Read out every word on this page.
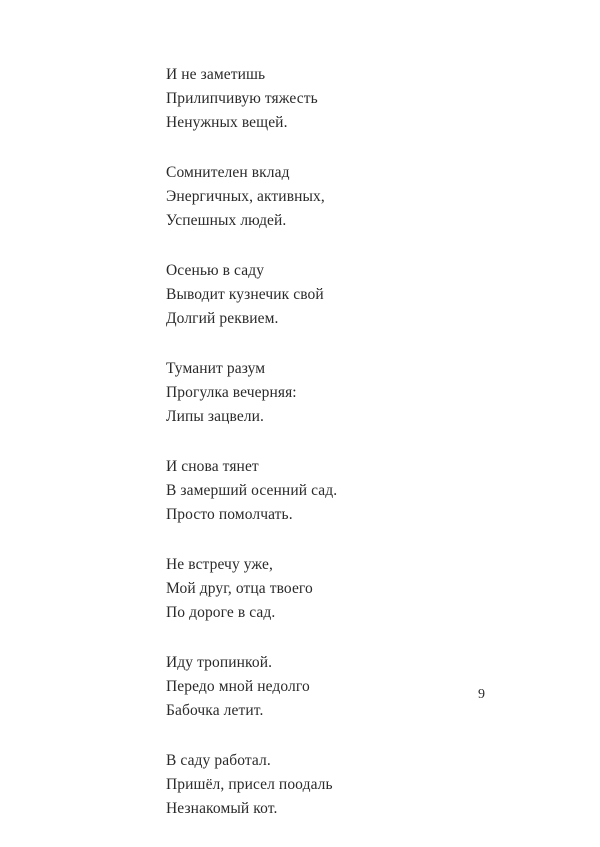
И не заметишь
Прилипчивую тяжесть
Ненужных вещей.
Сомнителен вклад
Энергичных, активных,
Успешных людей.
Осенью в саду
Выводит кузнечик свой
Долгий реквием.
Туманит разум
Прогулка вечерняя:
Липы зацвели.
И снова тянет
В замерший осенний сад.
Просто помолчать.
Не встречу уже,
Мой друг, отца твоего
По дороге в сад.
Иду тропинкой.
Передо мной недолго
Бабочка летит.
В саду работал.
Пришёл, присел поодаль
Незнакомый кот.
9
